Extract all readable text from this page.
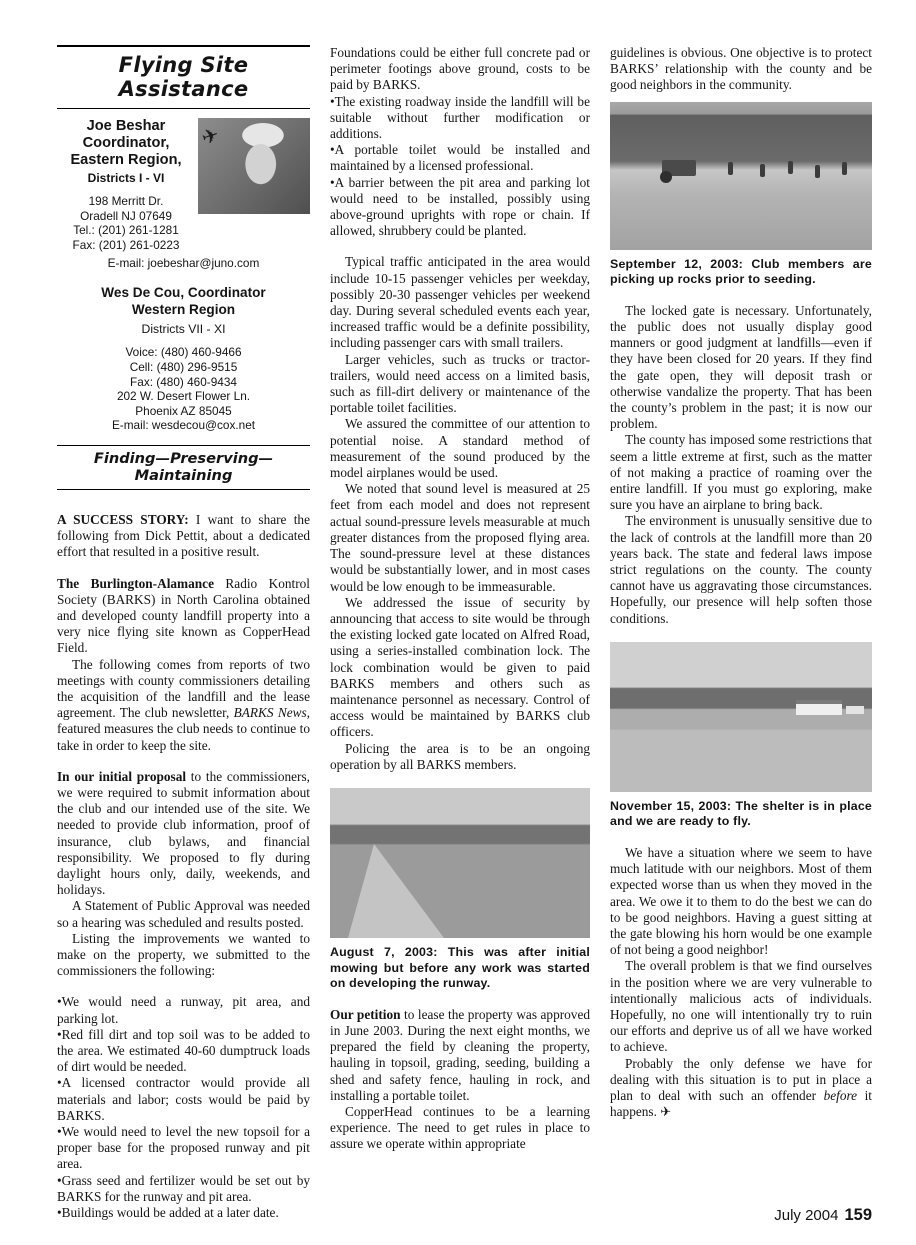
Flying Site Assistance
Joe Beshar
Coordinator,
Eastern Region,
Districts I - VI
198 Merritt Dr.
Oradell NJ 07649
Tel.: (201) 261-1281
Fax: (201) 261-0223
✈
E-mail: joebeshar@juno.com
Wes De Cou, Coordinator
Western Region
Districts VII - XI
Voice: (480) 460-9466
Cell: (480) 296-9515
Fax: (480) 460-9434
202 W. Desert Flower Ln.
Phoenix AZ 85045
E-mail: wesdecou@cox.net
Finding—Preserving—Maintaining

A SUCCESS STORY: I want to share the following from Dick Pettit, about a dedicated effort that resulted in a positive result.

The Burlington-Alamance Radio Kontrol Society (BARKS) in North Carolina obtained and developed county landfill property into a very nice flying site known as CopperHead Field.

The following comes from reports of two meetings with county commissioners detailing the acquisition of the landfill and the lease agreement. The club newsletter, BARKS News, featured measures the club needs to continue to take in order to keep the site.

In our initial proposal to the commissioners, we were required to submit information about the club and our intended use of the site. We needed to provide club information, proof of insurance, club bylaws, and financial responsibility. We proposed to fly during daylight hours only, daily, weekends, and holidays.

A Statement of Public Approval was needed so a hearing was scheduled and results posted.

Listing the improvements we wanted to make on the property, we submitted to the commissioners the following:

•We would need a runway, pit area, and parking lot.

•Red fill dirt and top soil was to be added to the area. We estimated 40-60 dumptruck loads of dirt would be needed.

•A licensed contractor would provide all materials and labor; costs would be paid by BARKS.

•We would need to level the new topsoil for a proper base for the proposed runway and pit area.

•Grass seed and fertilizer would be set out by BARKS for the runway and pit area.

•Buildings would be added at a later date.

Foundations could be either full concrete pad or perimeter footings above ground, costs to be paid by BARKS.

•The existing roadway inside the landfill will be suitable without further modification or additions.

•A portable toilet would be installed and maintained by a licensed professional.

•A barrier between the pit area and parking lot would need to be installed, possibly using above-ground uprights with rope or chain. If allowed, shrubbery could be planted.

Typical traffic anticipated in the area would include 10-15 passenger vehicles per weekday, possibly 20-30 passenger vehicles per weekend day. During several scheduled events each year, increased traffic would be a definite possibility, including passenger cars with small trailers.

Larger vehicles, such as trucks or tractor-trailers, would need access on a limited basis, such as fill-dirt delivery or maintenance of the portable toilet facilities.

We assured the committee of our attention to potential noise. A standard method of measurement of the sound produced by the model airplanes would be used.

We noted that sound level is measured at 25 feet from each model and does not represent actual sound-pressure levels measurable at much greater distances from the proposed flying area. The sound-pressure level at these distances would be substantially lower, and in most cases would be low enough to be immeasurable.

We addressed the issue of security by announcing that access to site would be through the existing locked gate located on Alfred Road, using a series-installed combination lock. The lock combination would be given to paid BARKS members and others such as maintenance personnel as necessary. Control of access would be maintained by BARKS club officers.

Policing the area is to be an ongoing operation by all BARKS members.

August 7, 2003: This was after initial mowing but before any work was started on developing the runway.

Our petition to lease the property was approved in June 2003. During the next eight months, we prepared the field by cleaning the property, hauling in topsoil, grading, seeding, building a shed and safety fence, hauling in rock, and installing a portable toilet.

CopperHead continues to be a learning experience. The need to get rules in place to assure we operate within appropriate

guidelines is obvious. One objective is to protect BARKS’ relationship with the county and be good neighbors in the community.

September 12, 2003: Club members are picking up rocks prior to seeding.

The locked gate is necessary. Unfortunately, the public does not usually display good manners or good judgment at landfills—even if they have been closed for 20 years. If they find the gate open, they will deposit trash or otherwise vandalize the property. That has been the county’s problem in the past; it is now our problem.

The county has imposed some restrictions that seem a little extreme at first, such as the matter of not making a practice of roaming over the entire landfill. If you must go exploring, make sure you have an airplane to bring back.

The environment is unusually sensitive due to the lack of controls at the landfill more than 20 years back. The state and federal laws impose strict regulations on the county. The county cannot have us aggravating those circumstances. Hopefully, our presence will help soften those conditions.

November 15, 2003: The shelter is in place and we are ready to fly.

We have a situation where we seem to have much latitude with our neighbors. Most of them expected worse than us when they moved in the area. We owe it to them to do the best we can do to be good neighbors. Having a guest sitting at the gate blowing his horn would be one example of not being a good neighbor!

The overall problem is that we find ourselves in the position where we are very vulnerable to intentionally malicious acts of individuals. Hopefully, no one will intentionally try to ruin our efforts and deprive us of all we have worked to achieve.

Probably the only defense we have for dealing with this situation is to put in place a plan to deal with such an offender before it happens. ✈

July 2004 159
